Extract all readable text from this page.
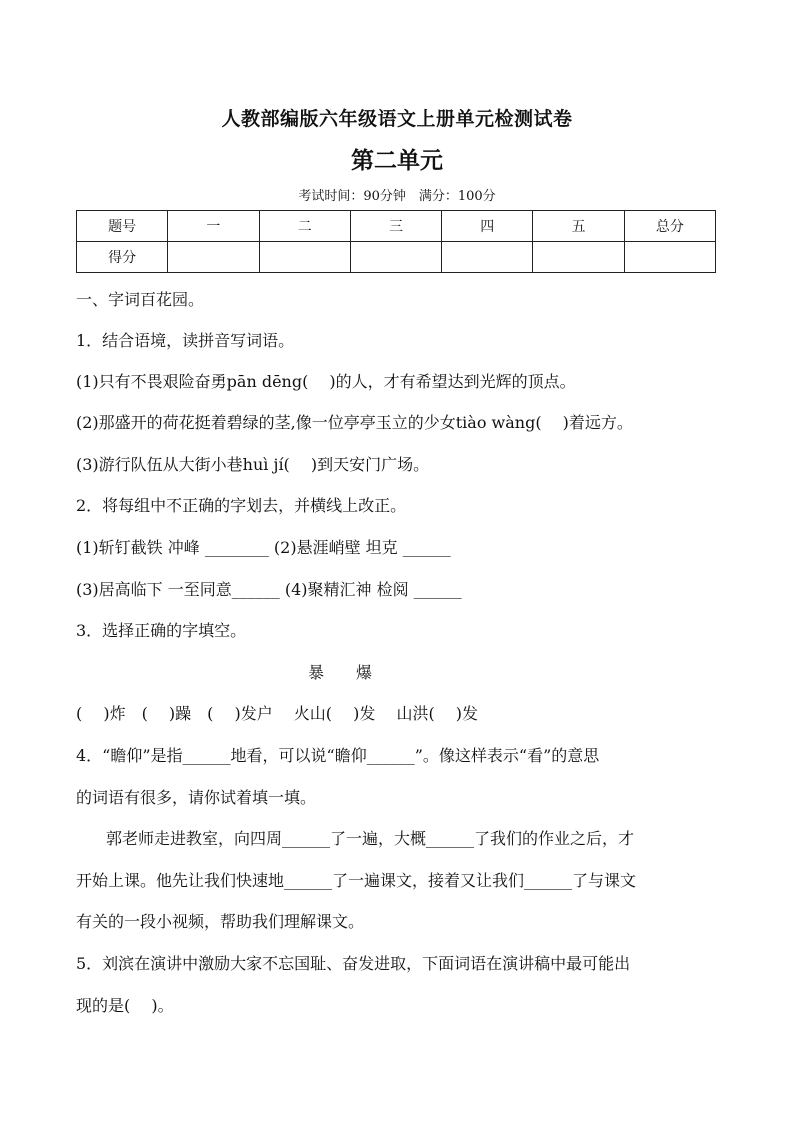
人教部编版六年级语文上册单元检测试卷
第二单元
考试时间：90分钟　满分：100分
题号	一	二	三	四	五	总分
得分						
一、字词百花园。
1．结合语境，读拼音写词语。
(1)只有不畏艰险奋勇pān dēng(　 )的人，才有希望达到光辉的顶点。
(2)那盛开的荷花挺着碧绿的茎,像一位亭亭玉立的少女tiào wàng(　 )着远方。
(3)游行队伍从大街小巷huì jí(　 )到天安门广场。
2．将每组中不正确的字划去，并横线上改正。
(1)斩钉截铁 冲峰 ________ (2)悬涯峭壁 坦克 ______
(3)居高临下 一至同意______ (4)聚精汇神 检阅 ______
3．选择正确的字填空。
暴　　爆
(　 )炸　(　 )躁　(　 )发户　 火山(　 )发　 山洪(　 )发
4．“瞻仰”是指______地看，可以说“瞻仰______”。像这样表示“看”的意思
的词语有很多，请你试着填一填。
郭老师走进教室，向四周______了一遍，大概______了我们的作业之后，才
开始上课。他先让我们快速地______了一遍课文，接着又让我们______了与课文
有关的一段小视频，帮助我们理解课文。
5．刘滨在演讲中激励大家不忘国耻、奋发进取，下面词语在演讲稿中最可能出
现的是(　 )。
